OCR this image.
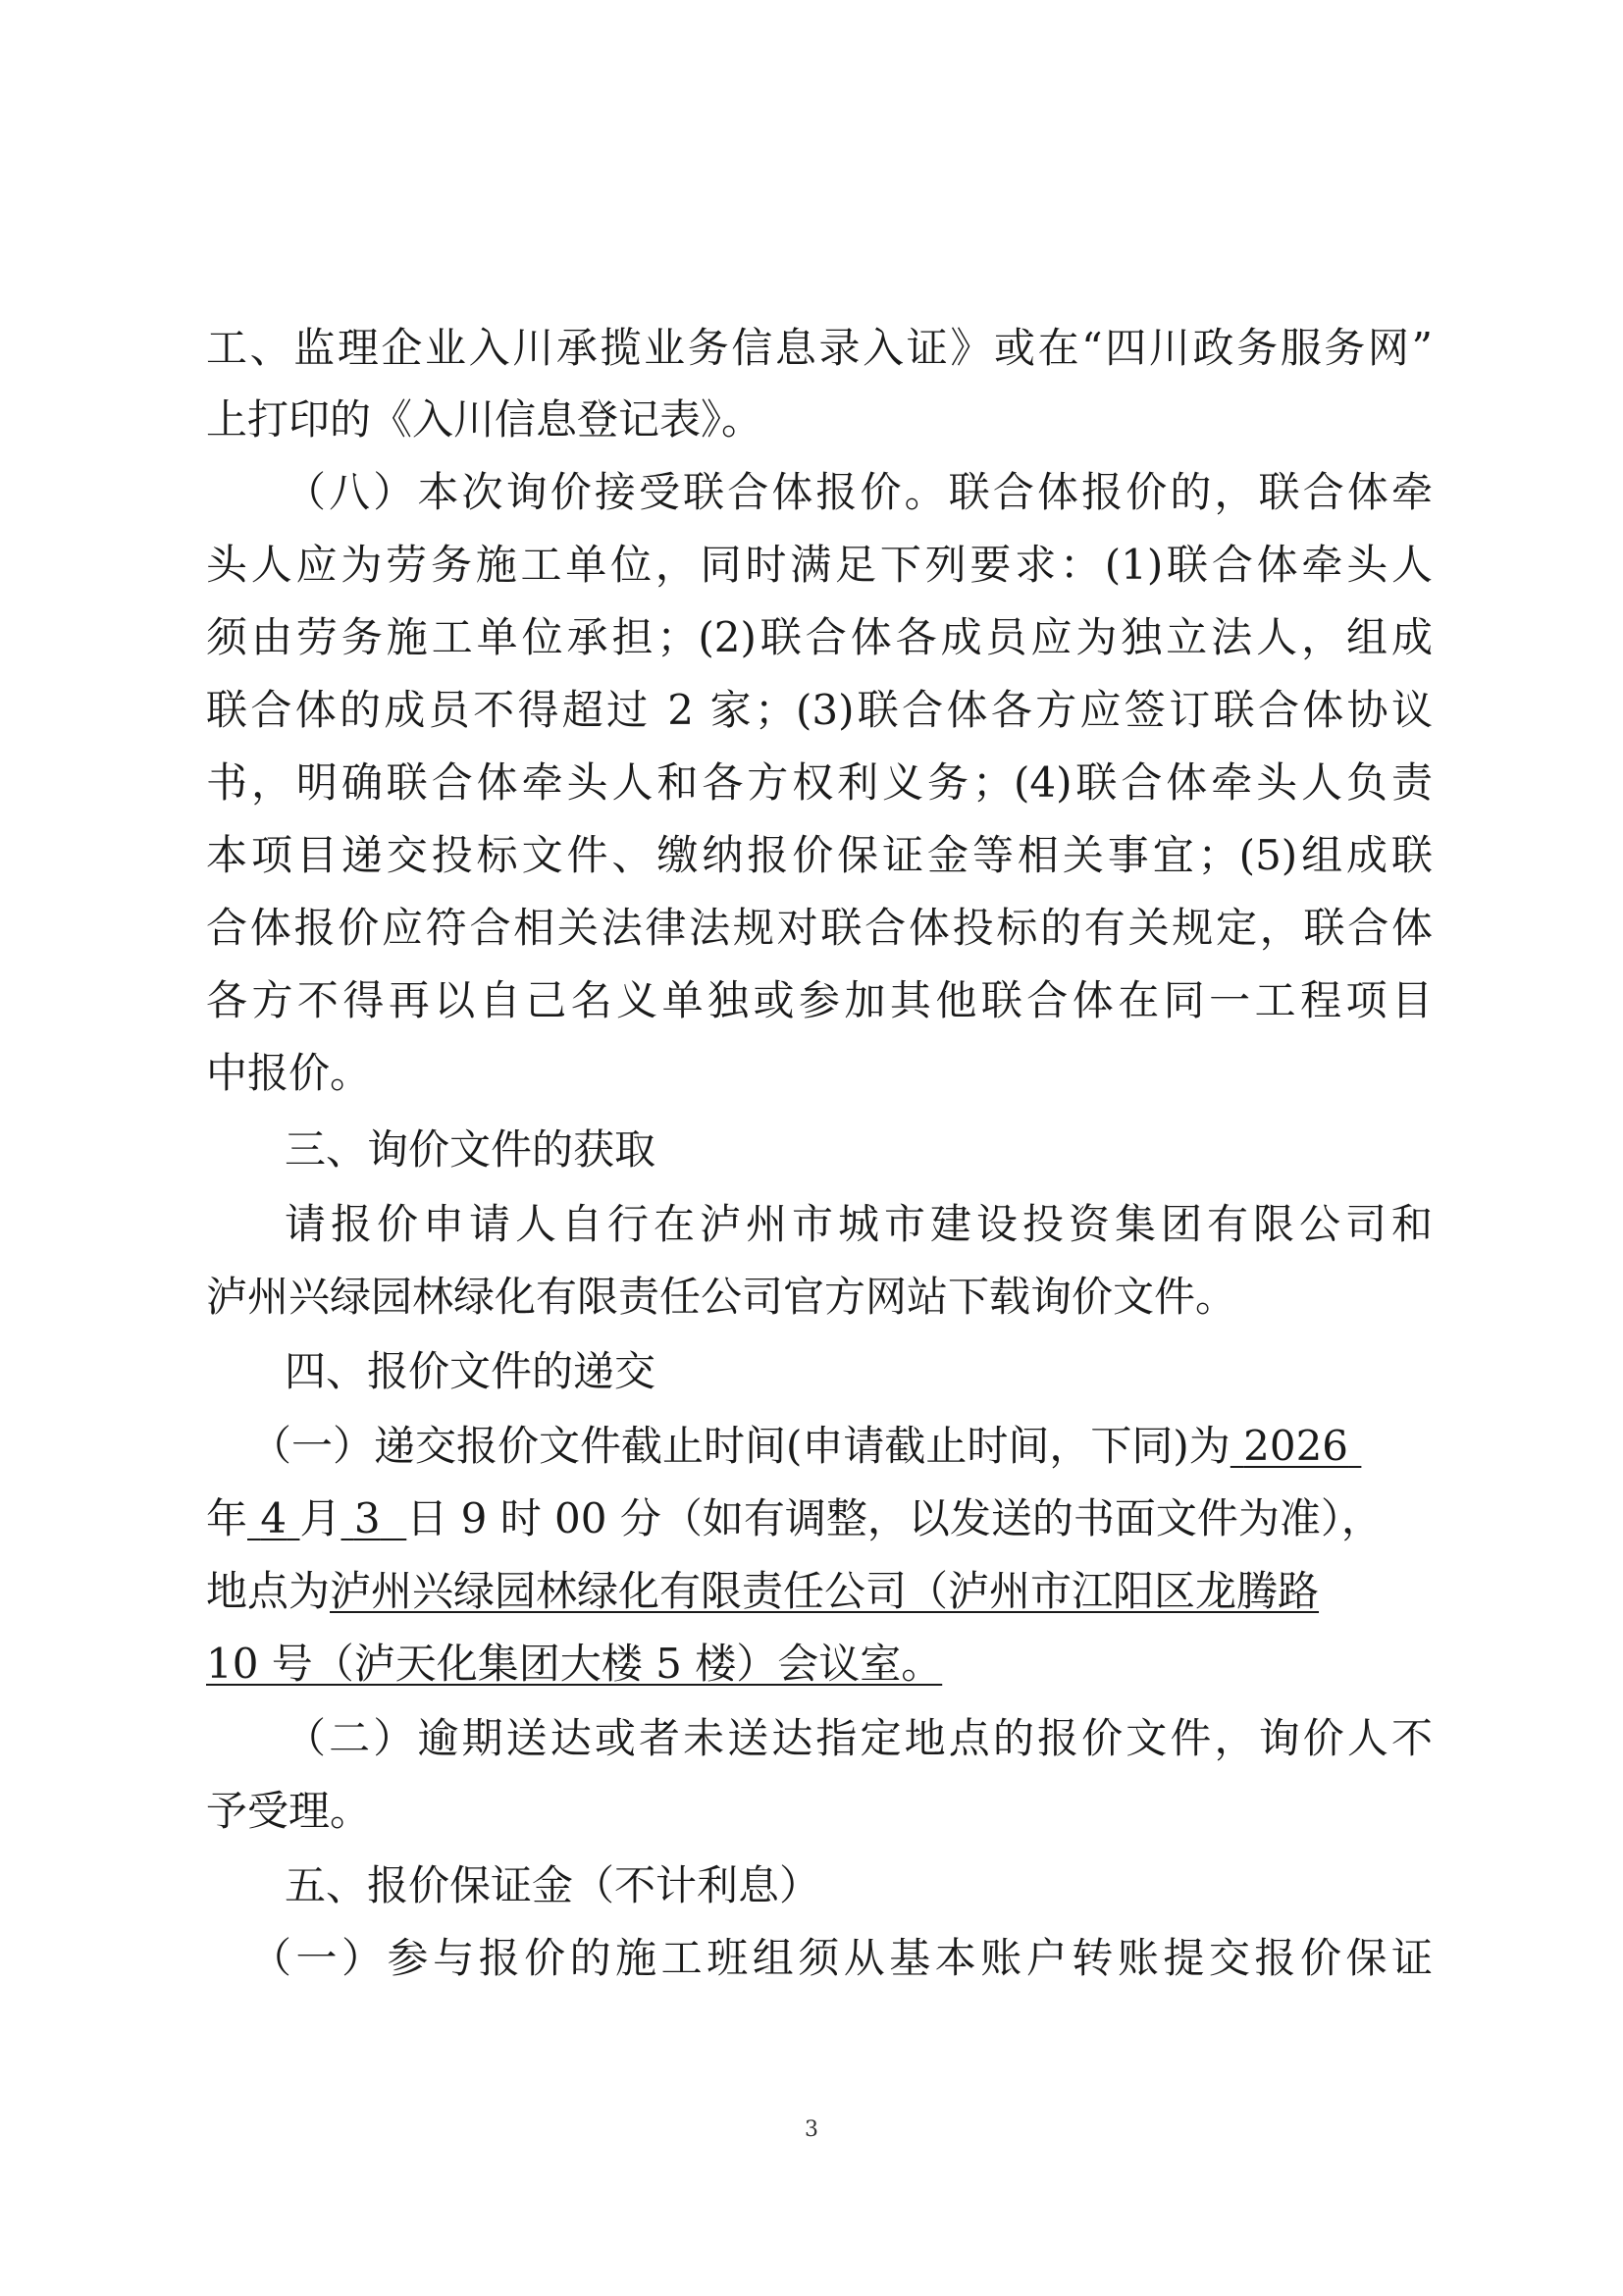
工、监理企业入川承揽业务信息录入证》或在“四川政务服务网”
上打印的《入川信息登记表》。
（八）本次询价接受联合体报价。联合体报价的，联合体牵
头人应为劳务施工单位，同时满足下列要求：(1)联合体牵头人
须由劳务施工单位承担；(2)联合体各成员应为独立法人，组成
联合体的成员不得超过 2 家；(3)联合体各方应签订联合体协议
书，明确联合体牵头人和各方权利义务；(4)联合体牵头人负责
本项目递交投标文件、缴纳报价保证金等相关事宜；(5)组成联
合体报价应符合相关法律法规对联合体投标的有关规定，联合体
各方不得再以自己名义单独或参加其他联合体在同一工程项目
中报价。
三、询价文件的获取
请报价申请人自行在泸州市城市建设投资集团有限公司和
泸州兴绿园林绿化有限责任公司官方网站下载询价文件。
四、报价文件的递交
（一）递交报价文件截止时间(申请截止时间，下同)为 2026
年 4 月 3 日 9 时 00 分（如有调整，以发送的书面文件为准），
地点为泸州兴绿园林绿化有限责任公司（泸州市江阳区龙腾路
10 号（泸天化集团大楼 5 楼）会议室。
（二）逾期送达或者未送达指定地点的报价文件，询价人不
予受理。
五、报价保证金（不计利息）
（一）参与报价的施工班组须从基本账户转账提交报价保证
3
